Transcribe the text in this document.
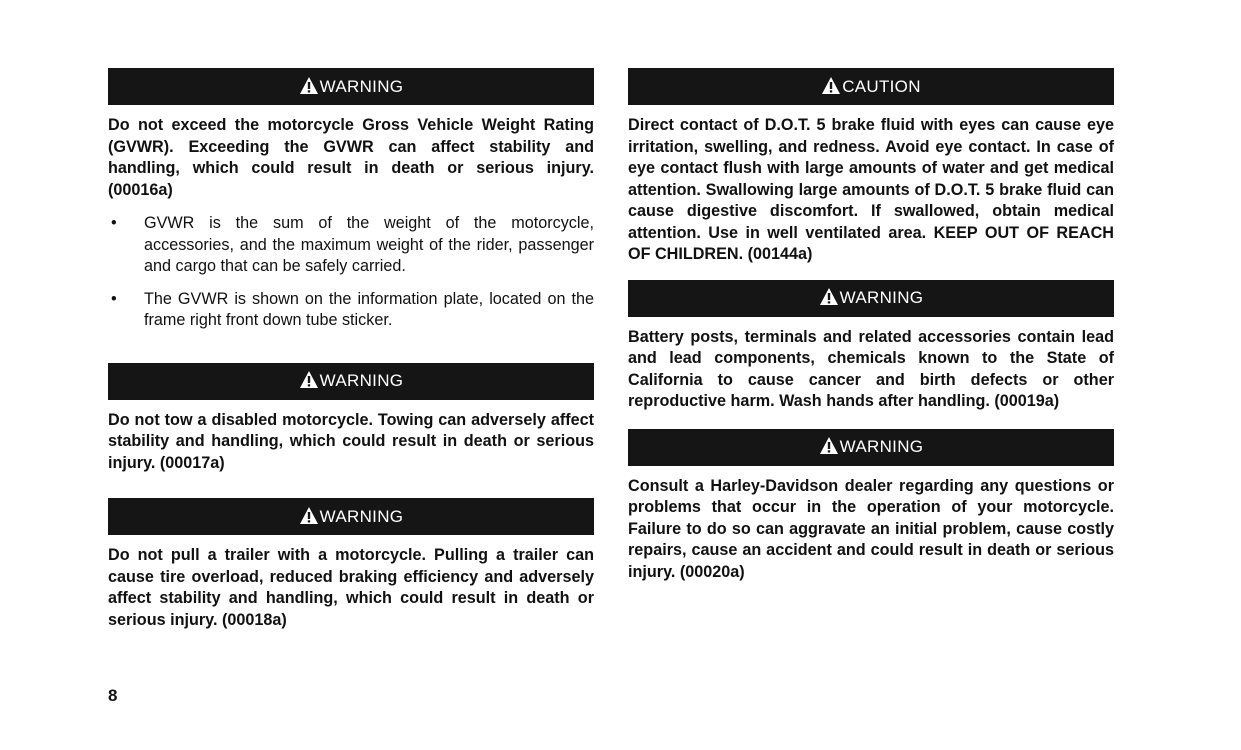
WARNING

Do not exceed the motorcycle Gross Vehicle Weight Rating (GVWR). Exceeding the GVWR can affect stability and handling, which could result in death or serious injury. (00016a)

• GVWR is the sum of the weight of the motorcycle, accessories, and the maximum weight of the rider, passenger and cargo that can be safely carried.
• The GVWR is shown on the information plate, located on the frame right front down tube sticker.
WARNING

Do not tow a disabled motorcycle. Towing can adversely affect stability and handling, which could result in death or serious injury. (00017a)

WARNING

Do not pull a trailer with a motorcycle. Pulling a trailer can cause tire overload, reduced braking efficiency and adversely affect stability and handling, which could result in death or serious injury. (00018a)

CAUTION

Direct contact of D.O.T. 5 brake fluid with eyes can cause eye irritation, swelling, and redness. Avoid eye contact. In case of eye contact flush with large amounts of water and get medical attention. Swallowing large amounts of D.O.T. 5 brake fluid can cause digestive discomfort. If swallowed, obtain medical attention. Use in well ventilated area. KEEP OUT OF REACH OF CHILDREN. (00144a)

WARNING

Battery posts, terminals and related accessories contain lead and lead components, chemicals known to the State of California to cause cancer and birth defects or other reproductive harm. Wash hands after handling. (00019a)

WARNING

Consult a Harley-Davidson dealer regarding any questions or problems that occur in the operation of your motorcycle. Failure to do so can aggravate an initial problem, cause costly repairs, cause an accident and could result in death or serious injury. (00020a)

8
